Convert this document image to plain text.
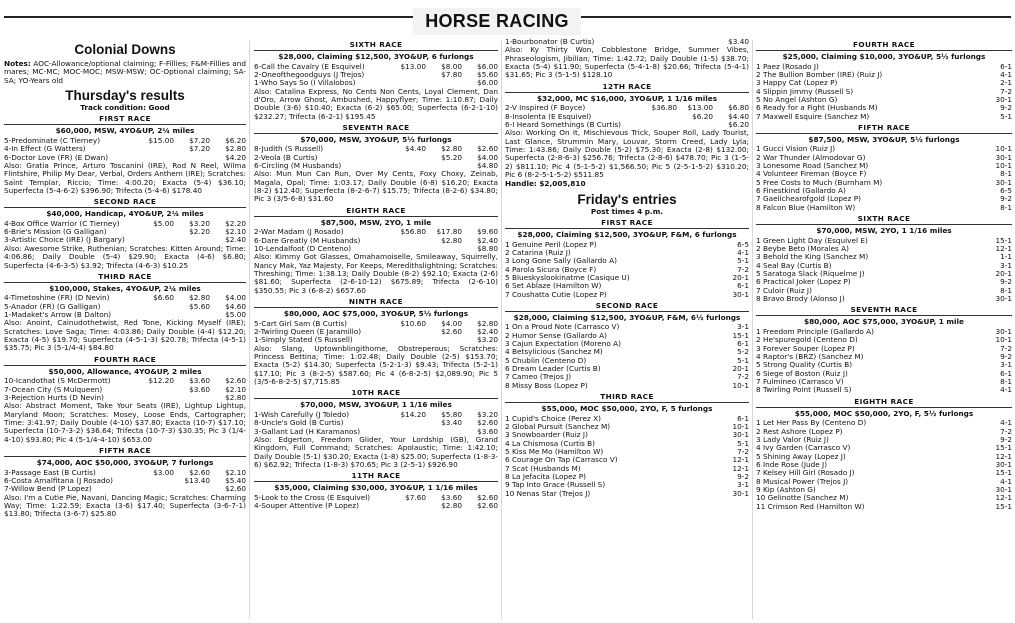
HORSE RACING
Colonial Downs
Notes: AOC-Allowance/optional claiming; F-Fillies; F&M-Fillies and mares; MC-MC; MOC-MOC; MSW-MSW; OC-Optional claiming; SA-SA; YO-Years old
Thursday's results
Track condition: Good
FIRST RACE
$60,000, MSW, 4YO&UP, 2¼ miles
5-Predominate (C Tierney)	$15.00	$7.20	$6.20
4-In Effect (G Watters)	$7.20	$2.80
6-Doctor Love (FR) (E Dwan)	$4.20
Also: Gratia Prince, Arturo Toscanini (IRE), Rod N Reel, Wilma Flintshire, Philip My Dear, Verbal, Orders Anthem (IRE); Scratches: Saint Templar, Riccio; Time: 4:00.20; Exacta (5-4) $36.10; Superfecta (5-4-6-2) $396.90; Trifecta (5-4-6) $178.40
SECOND RACE
$40,000, Handicap, 4YO&UP, 2¼ miles
4-Box Office Warrior (C Tierney)	$5.00	$3.20	$2.20
6-Brie's Mission (G Galligan)	$2.20	$2.10
3-Artistic Choice (IRE) (J Bargary)	$2.40
Also: Awesome Strike, Ruthenian; Scratches: Kitten Around; Time: 4:06.86; Daily Double (5-4) $29.90; Exacta (4-6) $6.80; Superfecta (4-6-3-5) $3.92; Trifecta (4-6-3) $10.25
THIRD RACE
$100,000, Stakes, 4YO&UP, 2¼ miles
4-Timetoshine (FR) (D Nevin)	$6.60	$2.80	$4.00
5-Anador (FR) (G Galligan)	$5.60	$4.60
1-Madaket's Arrow (B Dalton)	$5.00
Also: Anoint, Cainudothetwist, Red Tone, Kicking Myself (IRE); Scratches: Love Saga; Time: 4:03.86; Daily Double (4-4) $12.20; Exacta (4-5) $19.70; Superfecta (4-5-1-3) $20.78; Trifecta (4-5-1) $35.75; Pic 3 (5-1/4-4) $84.80
FOURTH RACE
$50,000, Allowance, 4YO&UP, 2 miles
10-Icandothat (S McDermott)	$12.20	$3.60	$2.60
7-Ocean City (S Mulqueen)	$3.60	$2.10
3-Rejection Hurts (D Nevin)	$2.80
Also: Abstract Moment, Take Your Seats (IRE), Lightup Lightup, Maryland Moon; Scratches: Mosey, Loose Ends, Cartographer; Time: 3:41.97; Daily Double (4-10) $37.80; Exacta (10-7) $17.10; Superfecta (10-7-3-2) $36.64; Trifecta (10-7-3) $30.35; Pic 3 (1/4-4-10) $93.80; Pic 4 (5-1/4-4-10) $653.00
FIFTH RACE
$74,000, AOC $50,000, 3YO&UP, 7 furlongs
3-Passage East (B Curtis)	$3.00	$2.60	$2.10
6-Costa Amalfitana (J Rosado)	$13.40	$5.40
7-Willow Bend (P Lopez)	$2.60
Also: I'm a Cutie Pie, Navani, Dancing Magic; Scratches: Charming Way; Time: 1:22.59; Exacta (3-6) $17.40; Superfecta (3-6-7-1) $13.80; Trifecta (3-6-7) $25.80
SIXTH RACE
$28,000, Claiming $12,500, 3YO&UP, 6 furlongs
6-Call the Cavalry (E Esquivel)	$13.00	$8.00	$6.00
2-Oneofthegoodguys (J Trejos)	$7.80	$5.60
1-Who Says So (I Villalobos)	$6.00
Also: Catalina Express, No Cents Non Cents, Loyal Clement, Dan d'Oro, Arrow Ghost, Ambushed, Happyflyer; Time: 1:10.87; Daily Double (3-6) $10.40; Exacta (6-2) $65.00; Superfecta (6-2-1-10) $232.27; Trifecta (6-2-1) $195.45
SEVENTH RACE
$70,000, MSW, 3YO&UP, 5½ furlongs
8-Judith (S Russell)	$4.40	$2.80	$2.60
2-Veola (B Curtis)	$5.20	$4.00
6-Circling (M Husbands)	$4.80
Also: Mun Mun Can Run, Over My Cents, Foxy Choxy, Zeinab, Magala, Opal; Time: 1:03.17; Daily Double (6-8) $16.20; Exacta (8-2) $12.40; Superfecta (8-2-6-7) $15.75; Trifecta (8-2-6) $34.80; Pic 3 (3/5-6-8) $31.60
EIGHTH RACE
$87,500, MSW, 2YO, 1 mile
2-War Madam (J Rosado)	$56.80	$17.80	$9.60
6-Dare Greatly (M Husbands)	$2.80	$2.40
10-Lendalfoot (D Centeno)	$8.80
Also: Kimmy Got Glasses, Omahamoiselle, Smileaway, Squirrelly, Nancy Mak, Yaz Majesty, For Keeps, Meredithslightning; Scratches: Threshing; Time: 1:38.13; Daily Double (8-2) $92.10; Exacta (2-6) $81.60; Superfecta (2-6-10-12) $675.89; Trifecta (2-6-10) $350.55; Pic 3 (6-8-2) $657.60
NINTH RACE
$80,000, AOC $75,000, 3YO&UP, 5½ furlongs
5-Cart Girl Sam (B Curtis)	$10.60	$4.00	$2.80
2-Twirling Queen (E Jaramillo)	$2.60	$2.40
1-Simply Stated (S Russell)	$3.20
Also: Slang, Uptownblingithome, Obstreperous; Scratches: Princess Bettina; Time: 1:02.48; Daily Double (2-5) $153.70; Exacta (5-2) $14.30; Superfecta (5-2-1-3) $9.43; Trifecta (5-2-1) $17.10; Pic 3 (8-2-5) $587.60; Pic 4 (6-8-2-5) $2,089.90; Pic 5 (3/5-6-8-2-5) $7,715.85
10TH RACE
$70,000, MSW, 3YO&UP, 1 1/16 miles
1-Wish Carefully (J Toledo)	$14.20	$5.80	$3.20
8-Uncle's Gold (B Curtis)	$3.40	$2.60
3-Gallant Lad (H Karamanos)	$3.60
Also: Edgerton, Freedom Glider, Your Lordship (GB), Grand Kingdom, Full Command; Scratches: Apolaustic; Time: 1:42.10; Daily Double (5-1) $30.20; Exacta (1-8) $25.00; Superfecta (1-8-3-6) $62.92; Trifecta (1-8-3) $70.65; Pic 3 (2-5-1) $926.90
11TH RACE
$35,000, Claiming $30,000, 3YO&UP, 1 1/16 miles
5-Look to the Cross (E Esquivel)	$7.60	$3.60	$2.60
4-Souper Attentive (P Lopez)	$2.80	$2.60
1-Bourbonator (B Curtis)	$3.40
Also: Ky Thirty Won, Cobblestone Bridge, Summer Vibes, Phraseologism, Jibilian; Time: 1:42.72; Daily Double (1-5) $38.70; Exacta (5-4) $11.90; Superfecta (5-4-1-8) $20.66; Trifecta (5-4-1) $31.65; Pic 3 (5-1-5) $128.10
12TH RACE
$32,000, MC $16,000, 3YO&UP, 1 1/16 miles
2-V Inspired (F Boyce)	$36.80	$13.00	$6.80
8-Insolenta (E Esquivel)	$6.20	$4.40
6-I Heard Somethings (B Curtis)	$6.20
Also: Working On It, Mischievous Trick, Souper Roll, Lady Tourist, Last Glance, Strummin Mary, Louvar, Storm Creed, Lady Lyla; Time: 1:43.86; Daily Double (5-2) $75.30; Exacta (2-8) $132.00; Superfecta (2-8-6-3) $256.76; Trifecta (2-8-6) $478.70; Pic 3 (1-5-2) $811.10; Pic 4 (5-1-5-2) $1,566.50; Pic 5 (2-5-1-5-2) $310.20; Pic 6 (8-2-5-1-5-2) $511.85
Handle: $2,005,810
Friday's entries
Post times 4 p.m.
FIRST RACE
$28,000, Claiming $12,500, 3YO&UP, F&M, 6 furlongs
1 Genuine Peril (Lopez P)	6-5
2 Catarina (Ruiz J)	4-1
3 Long Gone Sally (Gallardo A)	5-1
4 Parola Sicura (Boyce F)	7-2
5 Blueskyslookinatme (Casique U)	20-1
6 Set Ablaze (Hamilton W)	6-1
7 Coushatta Cutie (Lopez P)	30-1
SECOND RACE
$28,000, Claiming $12,500, 3YO&UP, F&M, 6½ furlongs
1 On a Proud Note (Carrasco V)	3-1
2 Humor Sense (Gallardo A)	15-1
3 Cajun Expectation (Moreno A)	6-1
4 Betsylicious (Sanchez M)	5-2
5 Chublin (Centeno D)	5-1
6 Dream Leader (Curtis B)	20-1
7 Cameo (Trejos J)	7-2
8 Missy Boss (Lopez P)	10-1
THIRD RACE
$55,000, MOC $50,000, 2YO, F, 5 furlongs
1 Cupid's Choice (Perez X)	6-1
2 Global Pursuit (Sanchez M)	10-1
3 Snowboarder (Ruiz J)	30-1
4 La Chismosa (Curtis B)	5-1
5 Kiss Me Mo (Hamilton W)	7-2
6 Courage On Tap (Carrasco V)	12-1
7 Scat (Husbands M)	12-1
8 La Jefacita (Lopez P)	9-2
9 Tap Into Grace (Russell S)	3-1
10 Nenas Star (Trejos J)	30-1
FOURTH RACE
$25,000, Claiming $10,000, 3YO&UP, 5½ furlongs
1 Paez (Rosado J)	6-1
2 The Bullion Bomber (IRE) (Ruiz J)	4-1
3 Happy Cat (Lopez P)	2-1
4 Slippin Jimmy (Russell S)	7-2
5 No Angel (Ashton G)	30-1
6 Ready for a Fight (Husbands M)	9-2
7 Maxwell Esquire (Sanchez M)	5-1
FIFTH RACE
$87,500, MSW, 3YO&UP, 5½ furlongs
1 Gucci Vision (Ruiz J)	10-1
2 War Thunder (Almodovar G)	30-1
3 Lonesome Road (Sanchez M)	10-1
4 Volunteer Fireman (Boyce F)	8-1
5 Free Costs to Much (Burnham M)	30-1
6 Finestkind (Gallardo A)	6-5
7 Gaelichearofgold (Lopez P)	9-2
8 Falcon Blue (Hamilton W)	8-1
SIXTH RACE
$70,000, MSW, 2YO, 1 1/16 miles
1 Green Light Day (Esquivel E)	15-1
2 Beybe Beto (Morales A)	12-1
3 Behold the King (Sanchez M)	1-1
4 Seal Bay (Curtis B)	3-1
5 Saratoga Slack (Riquelme J)	20-1
6 Practical Joker (Lopez P)	9-2
7 Culoir (Ruiz J)	8-1
8 Bravo Brody (Alonso J)	30-1
SEVENTH RACE
$80,000, AOC $75,000, 3YO&UP, 1 mile
1 Freedom Principle (Gallardo A)	30-1
2 He'spuregold (Centeno D)	10-1
3 Forever Souper (Lopez P)	7-2
4 Raptor's (BRZ) (Sanchez M)	9-2
5 Strong Quality (Curtis B)	3-1
6 Siege of Boston (Ruiz J)	6-1
7 Fulmineo (Carrasco V)	8-1
8 Twirling Point (Russell S)	4-1
EIGHTH RACE
$55,000, MOC $50,000, 2YO, F, 5½ furlongs
1 Let Her Pass By (Centeno D)	4-1
2 Rest Ashore (Lopez P)	7-2
3 Lady Valor (Ruiz J)	9-2
4 Ivy Garden (Carrasco V)	15-1
5 Shining Away (Lopez J)	12-1
6 Inde Rose (Jude J)	30-1
7 Kelsey Hill Girl (Rosado J)	15-1
8 Musical Power (Trejos J)	4-1
9 Kip (Ashton G)	30-1
10 Gelinotte (Sanchez M)	12-1
11 Crimson Red (Hamilton W)	15-1
